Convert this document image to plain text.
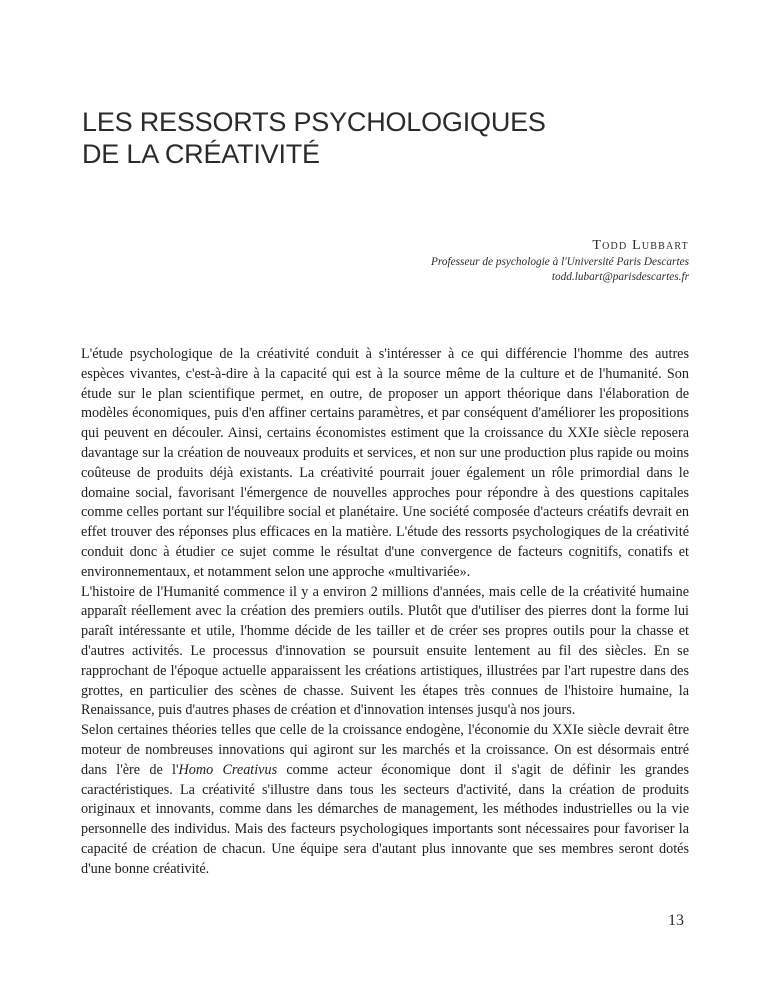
LES RESSORTS PSYCHOLOGIQUES
DE LA CRÉATIVITÉ
Todd Lubbart
Professeur de psychologie à l'Université Paris Descartes
todd.lubart@parisdescartes.fr

L'étude psychologique de la créativité conduit à s'intéresser à ce qui différencie l'homme des autres espèces vivantes, c'est-à-dire à la capacité qui est à la source même de la culture et de l'humanité. Son étude sur le plan scientifique permet, en outre, de proposer un apport théorique dans l'élaboration de modèles économiques, puis d'en affiner certains paramètres, et par conséquent d'améliorer les propositions qui peuvent en découler. Ainsi, certains économistes estiment que la croissance du XXIe siècle reposera davantage sur la création de nouveaux produits et services, et non sur une production plus rapide ou moins coûteuse de produits déjà existants. La créativité pourrait jouer également un rôle primordial dans le domaine social, favorisant l'émergence de nouvelles approches pour répondre à des questions capitales comme celles portant sur l'équilibre social et planétaire. Une société composée d'acteurs créatifs devrait en effet trouver des réponses plus efficaces en la matière. L'étude des ressorts psychologiques de la créativité conduit donc à étudier ce sujet comme le résultat d'une convergence de facteurs cognitifs, conatifs et environnementaux, et notamment selon une approche «multivariée».

L'histoire de l'Humanité commence il y a environ 2 millions d'années, mais celle de la créativité humaine apparaît réellement avec la création des premiers outils. Plutôt que d'utiliser des pierres dont la forme lui paraît intéressante et utile, l'homme décide de les tailler et de créer ses propres outils pour la chasse et d'autres activités. Le processus d'innovation se poursuit ensuite lentement au fil des siècles. En se rapprochant de l'époque actuelle apparaissent les créations artistiques, illustrées par l'art rupestre dans des grottes, en particulier des scènes de chasse. Suivent les étapes très connues de l'histoire humaine, la Renaissance, puis d'autres phases de création et d'innovation intenses jusqu'à nos jours.

Selon certaines théories telles que celle de la croissance endogène, l'économie du XXIe siècle devrait être moteur de nombreuses innovations qui agiront sur les marchés et la croissance. On est désormais entré dans l'ère de l'Homo Creativus comme acteur économique dont il s'agit de définir les grandes caractéristiques. La créativité s'illustre dans tous les secteurs d'activité, dans la création de produits originaux et innovants, comme dans les démarches de management, les méthodes industrielles ou la vie personnelle des individus. Mais des facteurs psychologiques importants sont nécessaires pour favoriser la capacité de création de chacun. Une équipe sera d'autant plus innovante que ses membres seront dotés d'une bonne créativité.

13
